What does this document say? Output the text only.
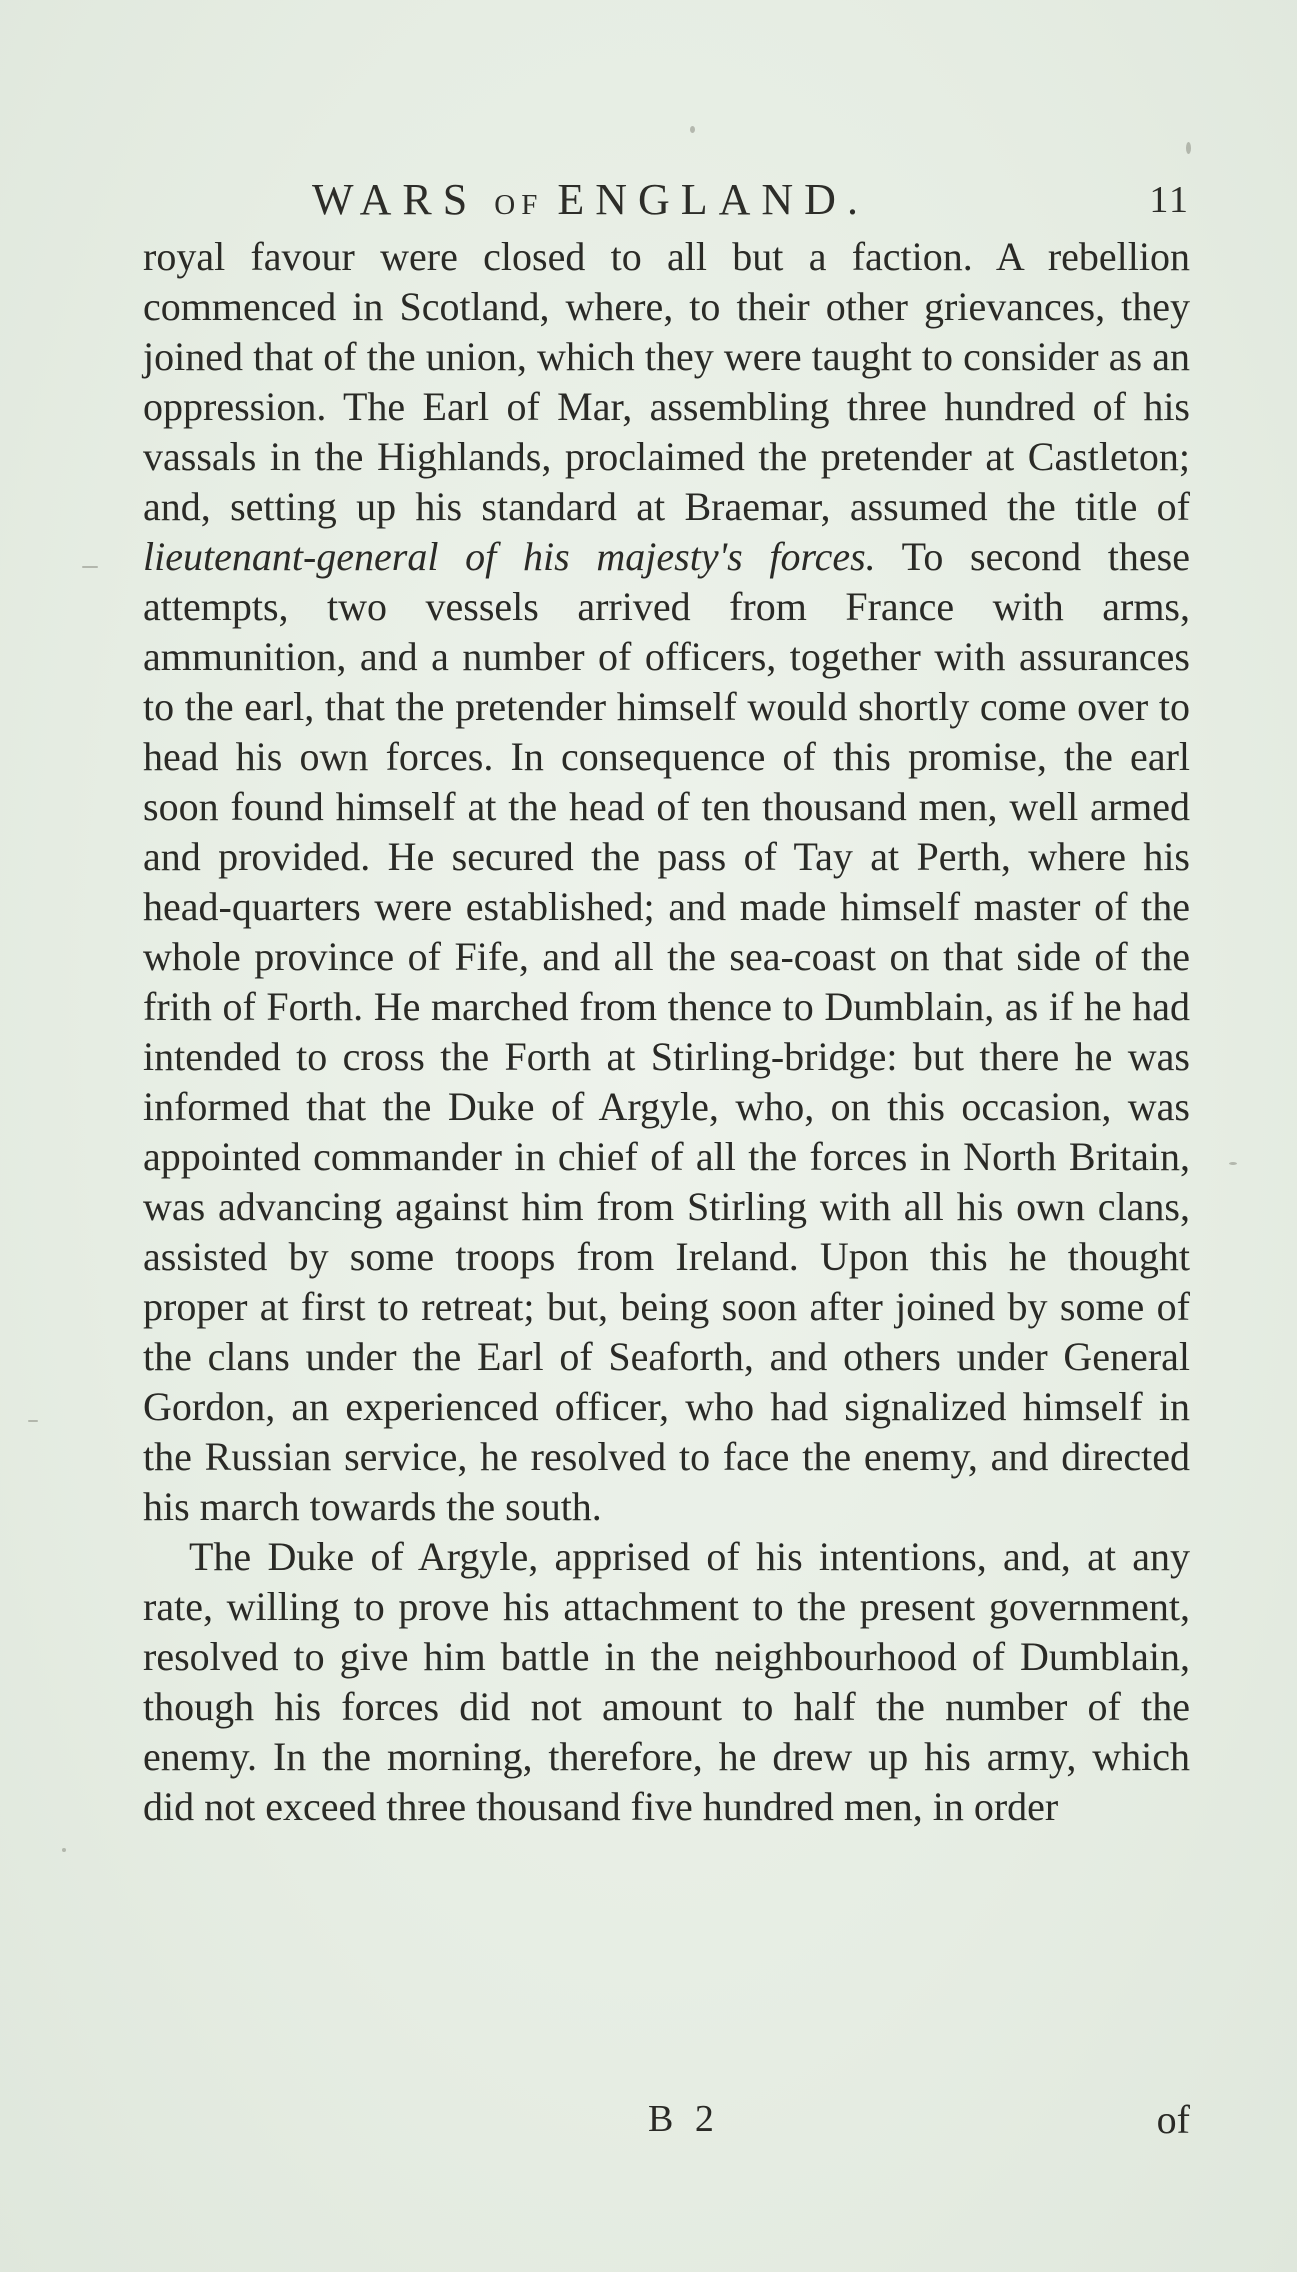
WARS OF ENGLAND.	11

royal favour were closed to all but a faction. A rebellion commenced in Scotland, where, to their other grievances, they joined that of the union, which they were taught to consider as an oppression. The Earl of Mar, assembling three hundred of his vassals in the Highlands, proclaimed the pretender at Castleton; and, setting up his standard at Braemar, assumed the title of lieutenant-general of his majesty's forces. To second these attempts, two vessels arrived from France with arms, ammunition, and a number of officers, together with assurances to the earl, that the pretender himself would shortly come over to head his own forces. In consequence of this promise, the earl soon found himself at the head of ten thousand men, well armed and provided. He secured the pass of Tay at Perth, where his head-quarters were established; and made himself master of the whole province of Fife, and all the sea-coast on that side of the frith of Forth. He marched from thence to Dumblain, as if he had intended to cross the Forth at Stirling-bridge: but there he was informed that the Duke of Argyle, who, on this occasion, was appointed commander in chief of all the forces in North Britain, was advancing against him from Stirling with all his own clans, assisted by some troops from Ireland. Upon this he thought proper at first to retreat; but, being soon after joined by some of the clans under the Earl of Seaforth, and others under General Gordon, an experienced officer, who had signalized himself in the Russian service, he resolved to face the enemy, and directed his march towards the south.

The Duke of Argyle, apprised of his intentions, and, at any rate, willing to prove his attachment to the present government, resolved to give him battle in the neighbourhood of Dumblain, though his forces did not amount to half the number of the enemy. In the morning, therefore, he drew up his army, which did not exceed three thousand five hundred men, in order

B 2	of
